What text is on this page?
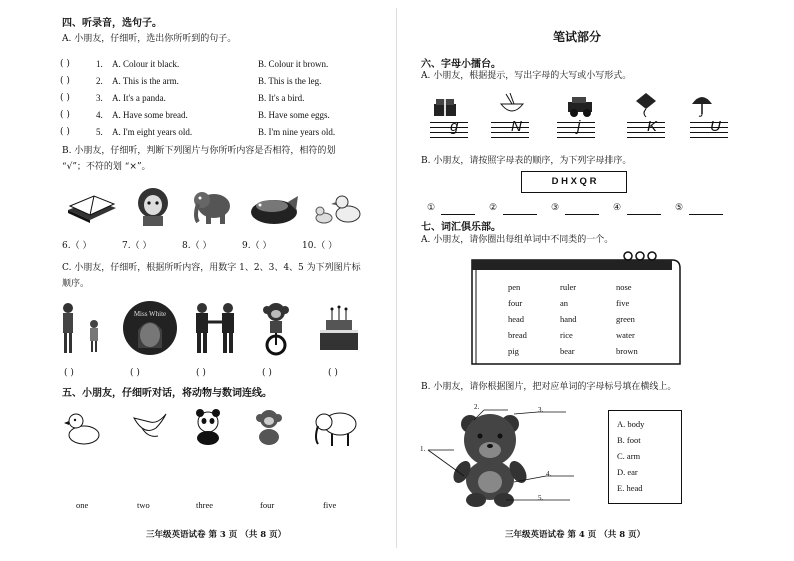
四、听录音，选句子。
A. 小朋友，仔细听，选出你所听到的句子。
( )	1. A. Colour it black.	B. Colour it brown.
( )	2. A. This is the arm.	B. This is the leg.
( )	3. A. It's a panda.	B. It's a bird.
( )	4. A. Have some bread.	B. Have some eggs.
( )	5. A. I'm eight years old.	B. I'm nine years old.
B. 小朋友，仔细听，判断下列图片与你所听内容是否相符，相符的划
“√”；不符的划 “×”。
6.（ ）	7.（ ）	8.（ ）	9.（ ）	10.（ ）
C. 小朋友，仔细听，根据所听内容，用数字 1、2、3、4、5 为下列图片标
顺序。
Miss White
( )	( )	( )	( )	( )
五、小朋友，仔细听对话，将动物与数词连线。
one	two	three	four	five
三年级英语试卷 第 3 页 （共 8 页）
笔试部分
六、字母小擂台。
A. 小朋友，根据提示，写出字母的大写或小写形式。
g	N	j	K	U
B. 小朋友，请按照字母表的顺序，为下列字母排序。
D H X Q R
①	②	③	④	⑤
七、词汇俱乐部。
A. 小朋友，请你圈出每组单词中不同类的一个。
pen	ruler	nose
four	an	five
head	hand	green
bread	rice	water
pig	bear	brown
B. 小朋友，请你根据图片，把对应单词的字母标号填在横线上。
1.
2.	3.
4.
5.
A. body
B. foot
C. arm
D. ear
E. head
三年级英语试卷 第 4 页 （共 8 页）
